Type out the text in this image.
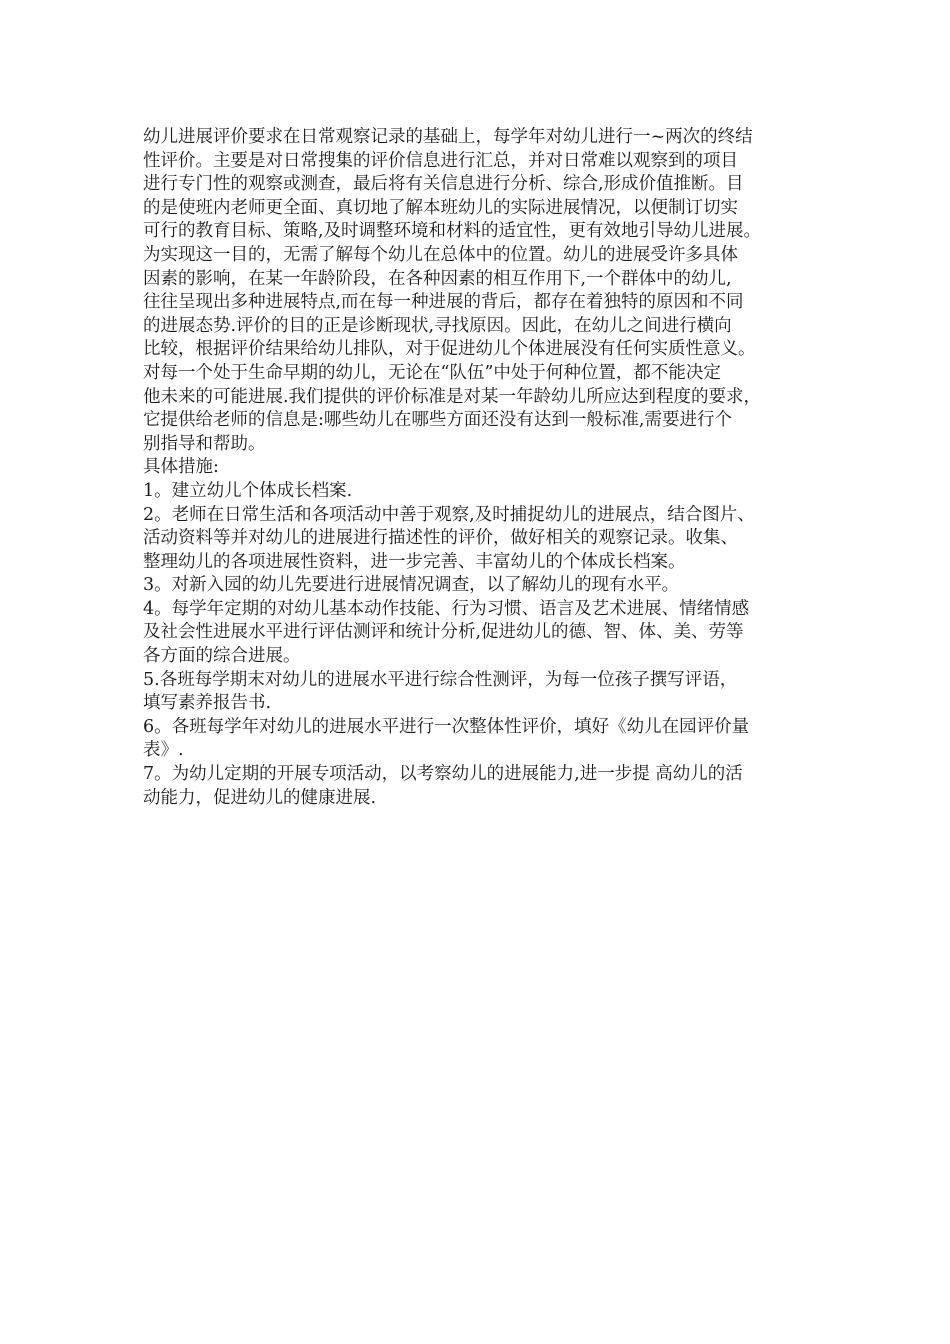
幼儿进展评价要求在日常观察记录的基础上，每学年对幼儿进行一~两次的终结
性评价。主要是对日常搜集的评价信息进行汇总，并对日常难以观察到的项目
进行专门性的观察或测查，最后将有关信息进行分析、综合,形成价值推断。目
的是使班内老师更全面、真切地了解本班幼儿的实际进展情况，以便制订切实
可行的教育目标、策略,及时调整环境和材料的适宜性，更有效地引导幼儿进展。
为实现这一目的，无需了解每个幼儿在总体中的位置。幼儿的进展受许多具体
因素的影响，在某一年龄阶段，在各种因素的相互作用下,一个群体中的幼儿,
往往呈现出多种进展特点,而在每一种进展的背后，都存在着独特的原因和不同
的进展态势.评价的目的正是诊断现状,寻找原因。因此，在幼儿之间进行横向
比较，根据评价结果给幼儿排队，对于促进幼儿个体进展没有任何实质性意义。
对每一个处于生命早期的幼儿，无论在“队伍”中处于何种位置，都不能决定
他未来的可能进展.我们提供的评价标准是对某一年龄幼儿所应达到程度的要求，
它提供给老师的信息是:哪些幼儿在哪些方面还没有达到一般标准,需要进行个
别指导和帮助。
具体措施:
1。建立幼儿个体成长档案.
2。老师在日常生活和各项活动中善于观察,及时捕捉幼儿的进展点，结合图片、
活动资料等并对幼儿的进展进行描述性的评价，做好相关的观察记录。收集、
整理幼儿的各项进展性资料，进一步完善、丰富幼儿的个体成长档案。
3。对新入园的幼儿先要进行进展情况调查，以了解幼儿的现有水平。
4。每学年定期的对幼儿基本动作技能、行为习惯、语言及艺术进展、情绪情感
及社会性进展水平进行评估测评和统计分析,促进幼儿的德、智、体、美、劳等
各方面的综合进展。
5.各班每学期末对幼儿的进展水平进行综合性测评，为每一位孩子撰写评语，
填写素养报告书.
6。各班每学年对幼儿的进展水平进行一次整体性评价，填好《幼儿在园评价量
表》.
7。为幼儿定期的开展专项活动，以考察幼儿的进展能力,进一步提 高幼儿的活
动能力，促进幼儿的健康进展.
